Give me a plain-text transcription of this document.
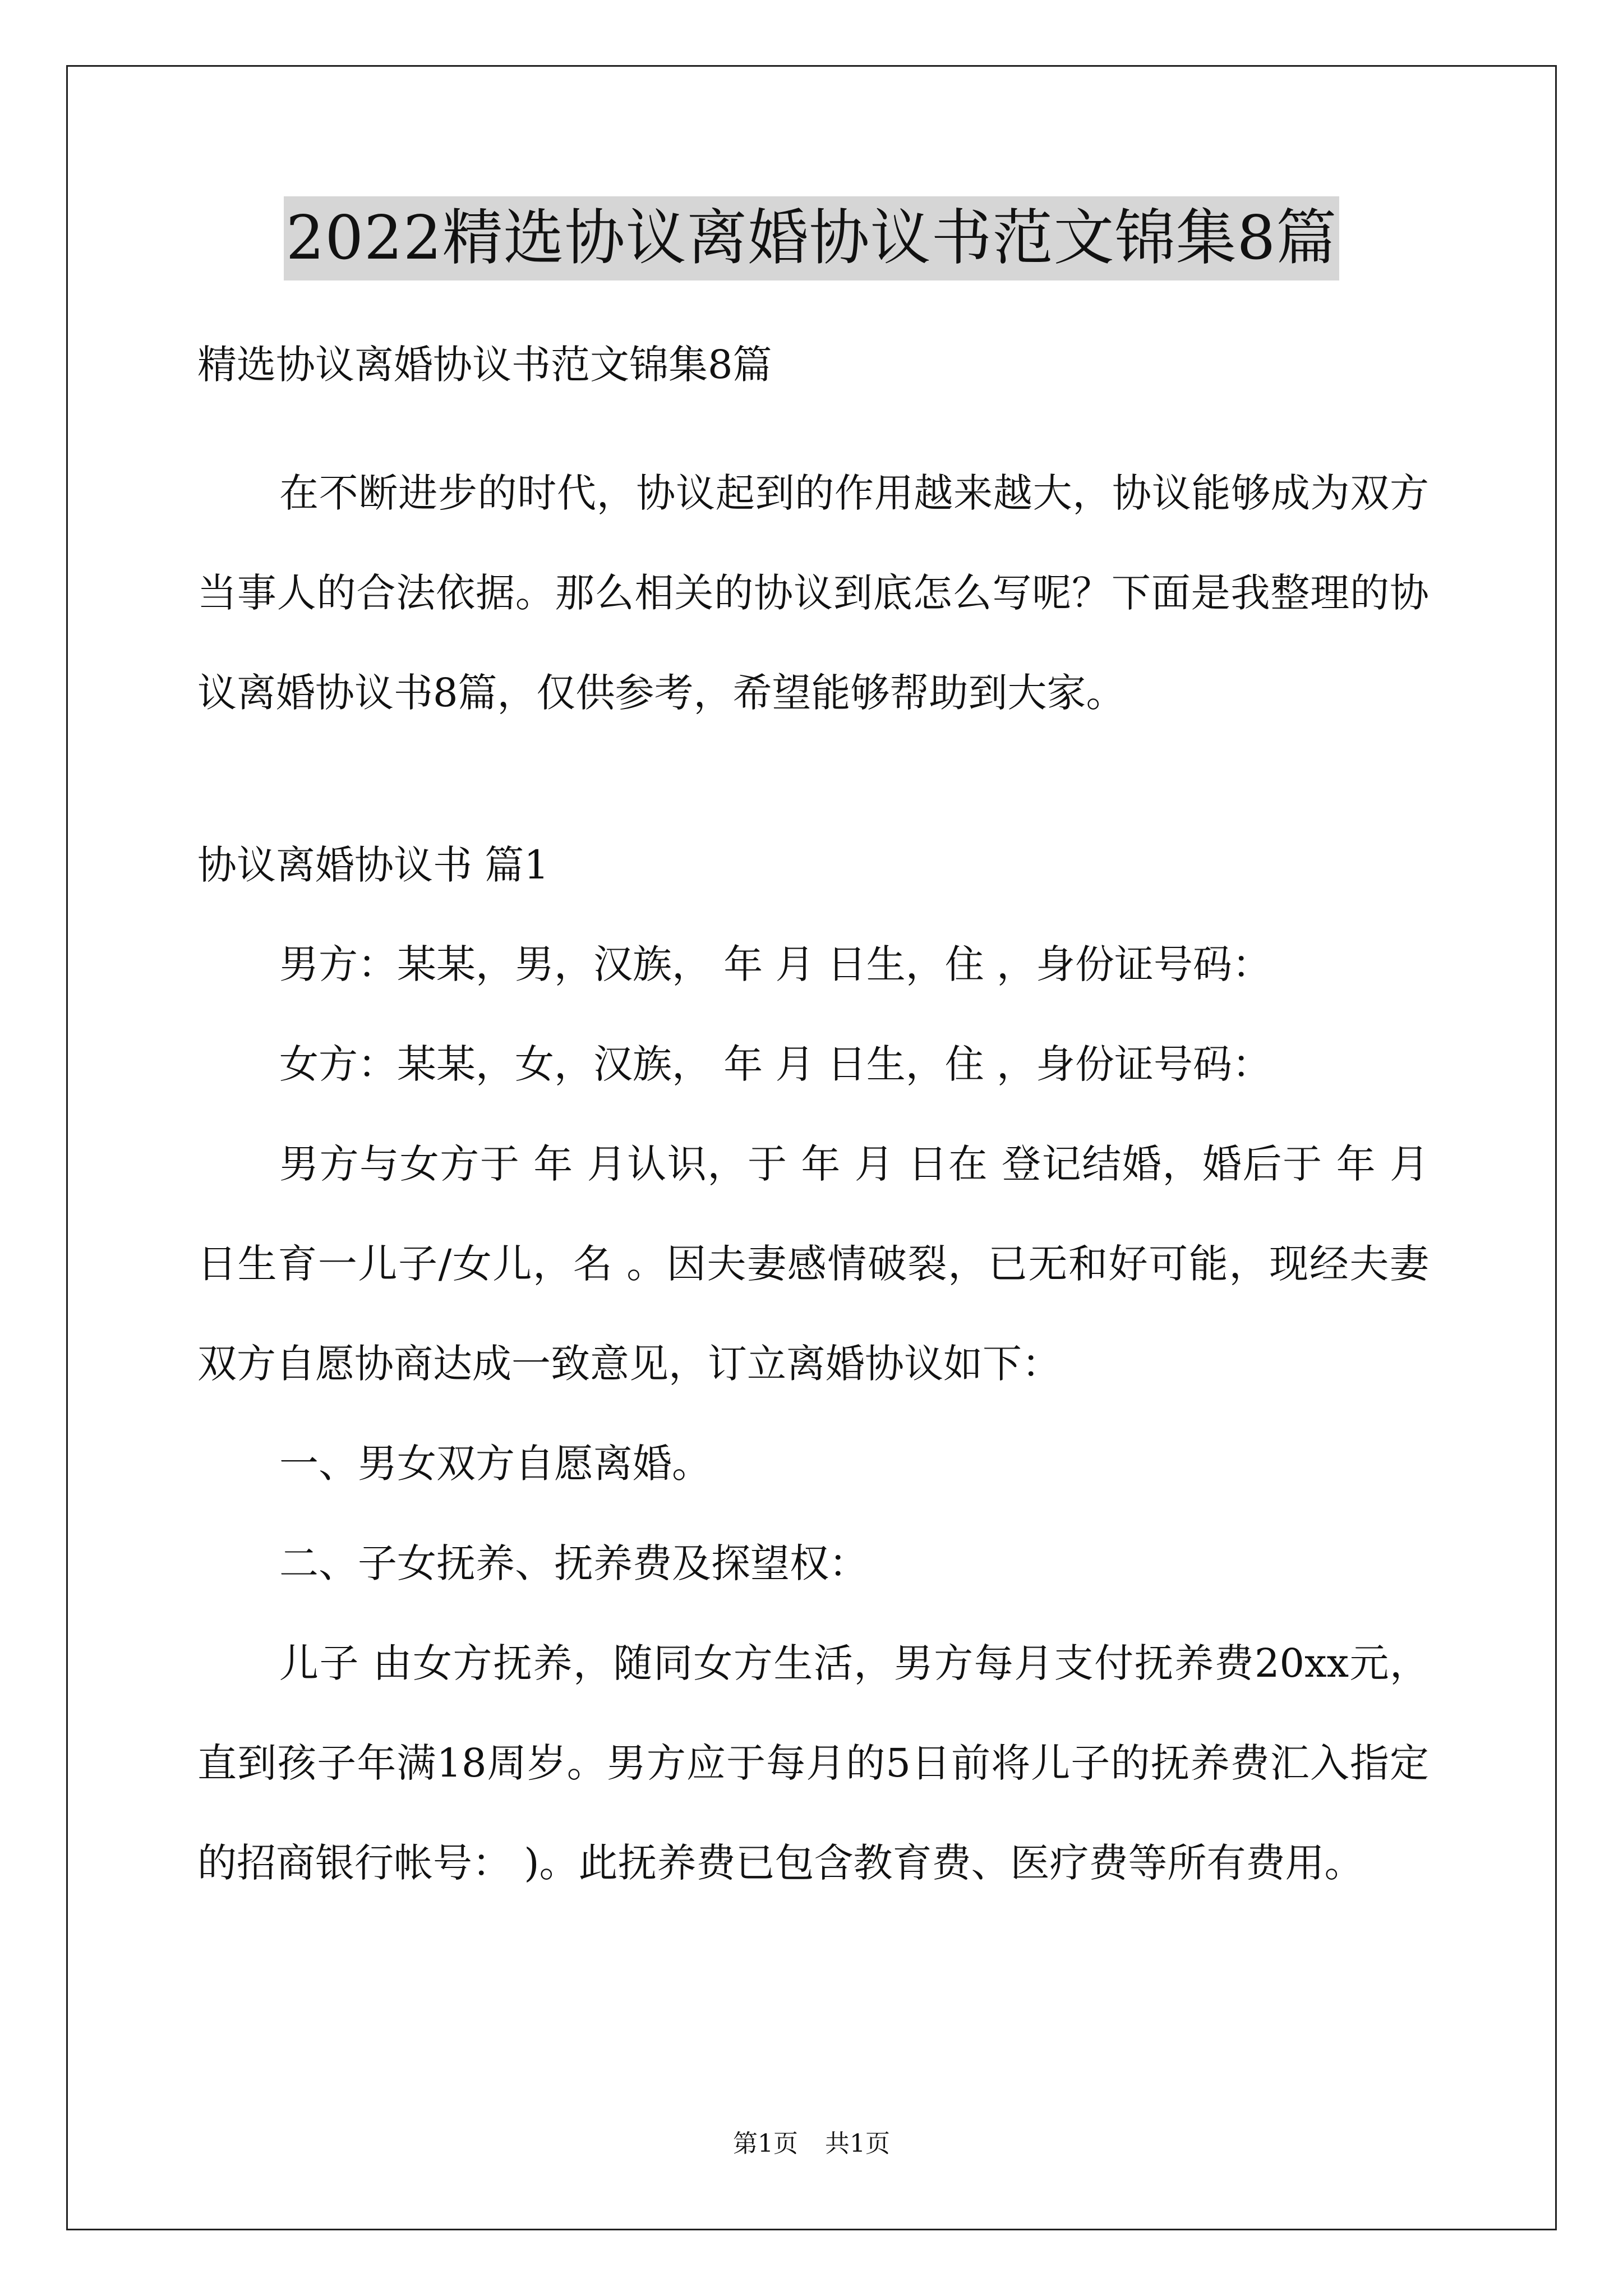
2022精选协议离婚协议书范文锦集8篇

精选协议离婚协议书范文锦集8篇

在不断进步的时代，协议起到的作用越来越大，协议能够成为双方当事人的合法依据。那么相关的协议到底怎么写呢？下面是我整理的协议离婚协议书8篇，仅供参考，希望能够帮助到大家。

协议离婚协议书 篇1

男方：某某，男，汉族， 年 月 日生，住 ，身份证号码：

女方：某某，女，汉族， 年 月 日生，住 ，身份证号码：

男方与女方于 年 月认识，于 年 月 日在 登记结婚，婚后于 年 月 日生育一儿子/女儿，名 。因夫妻感情破裂，已无和好可能，现经夫妻双方自愿协商达成一致意见，订立离婚协议如下：

一、男女双方自愿离婚。

二、子女抚养、抚养费及探望权：

儿子 由女方抚养，随同女方生活，男方每月支付抚养费20xx元，直到孩子年满18周岁。男方应于每月的5日前将儿子的抚养费汇入指定的招商银行帐号： )。此抚养费已包含教育费、医疗费等所有费用。

第1页 共1页
